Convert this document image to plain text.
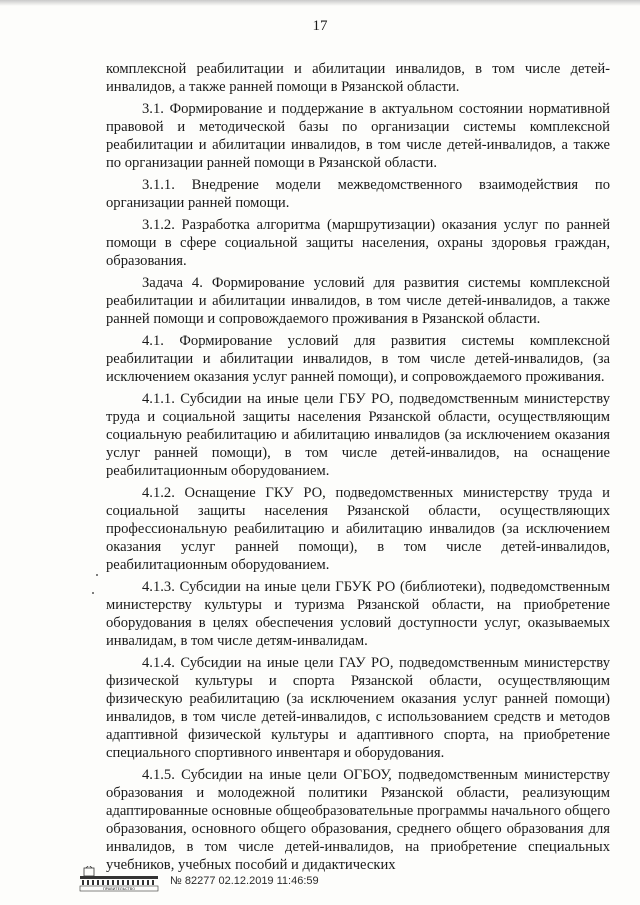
17

комплексной реабилитации и абилитации инвалидов, в том числе детей-инвалидов, а также ранней помощи в Рязанской области.

3.1. Формирование и поддержание в актуальном состоянии нормативной правовой и методической базы по организации системы комплексной реабилитации и абилитации инвалидов, в том числе детей-инвалидов, а также по организации ранней помощи в Рязанской области.

3.1.1. Внедрение модели межведомственного взаимодействия по организации ранней помощи.

3.1.2. Разработка алгоритма (маршрутизации) оказания услуг по ранней помощи в сфере социальной защиты населения, охраны здоровья граждан, образования.

Задача 4. Формирование условий для развития системы комплексной реабилитации и абилитации инвалидов, в том числе детей-инвалидов, а также ранней помощи и сопровождаемого проживания в Рязанской области.

4.1. Формирование условий для развития системы комплексной реабилитации и абилитации инвалидов, в том числе детей-инвалидов, (за исключением оказания услуг ранней помощи), и сопровождаемого проживания.

4.1.1. Субсидии на иные цели ГБУ РО, подведомственным министерству труда и социальной защиты населения Рязанской области, осуществляющим социальную реабилитацию и абилитацию инвалидов (за исключением оказания услуг ранней помощи), в том числе детей-инвалидов, на оснащение реабилитационным оборудованием.

4.1.2. Оснащение ГКУ РО, подведомственных министерству труда и социальной защиты населения Рязанской области, осуществляющих профессиональную реабилитацию и абилитацию инвалидов (за исключением оказания услуг ранней помощи), в том числе детей-инвалидов, реабилитационным оборудованием.

4.1.3. Субсидии на иные цели ГБУК РО (библиотеки), подведомственным министерству культуры и туризма Рязанской области, на приобретение оборудования в целях обеспечения условий доступности услуг, оказываемых инвалидам, в том числе детям-инвалидам.

4.1.4. Субсидии на иные цели ГАУ РО, подведомственным министерству физической культуры и спорта Рязанской области, осуществляющим физическую реабилитацию (за исключением оказания услуг ранней помощи) инвалидов, в том числе детей-инвалидов, с использованием средств и методов адаптивной физической культуры и адаптивного спорта, на приобретение специального спортивного инвентаря и оборудования.

4.1.5. Субсидии на иные цели ОГБОУ, подведомственным министерству образования и молодежной политики Рязанской области, реализующим адаптированные основные общеобразовательные программы начального общего образования, основного общего образования, среднего общего образования для инвалидов, в том числе детей-инвалидов, на приобретение специальных учебников, учебных пособий и дидактических

ПРАВИТЕЛЬСТВО
№ 82277 02.12.2019 11:46:59
